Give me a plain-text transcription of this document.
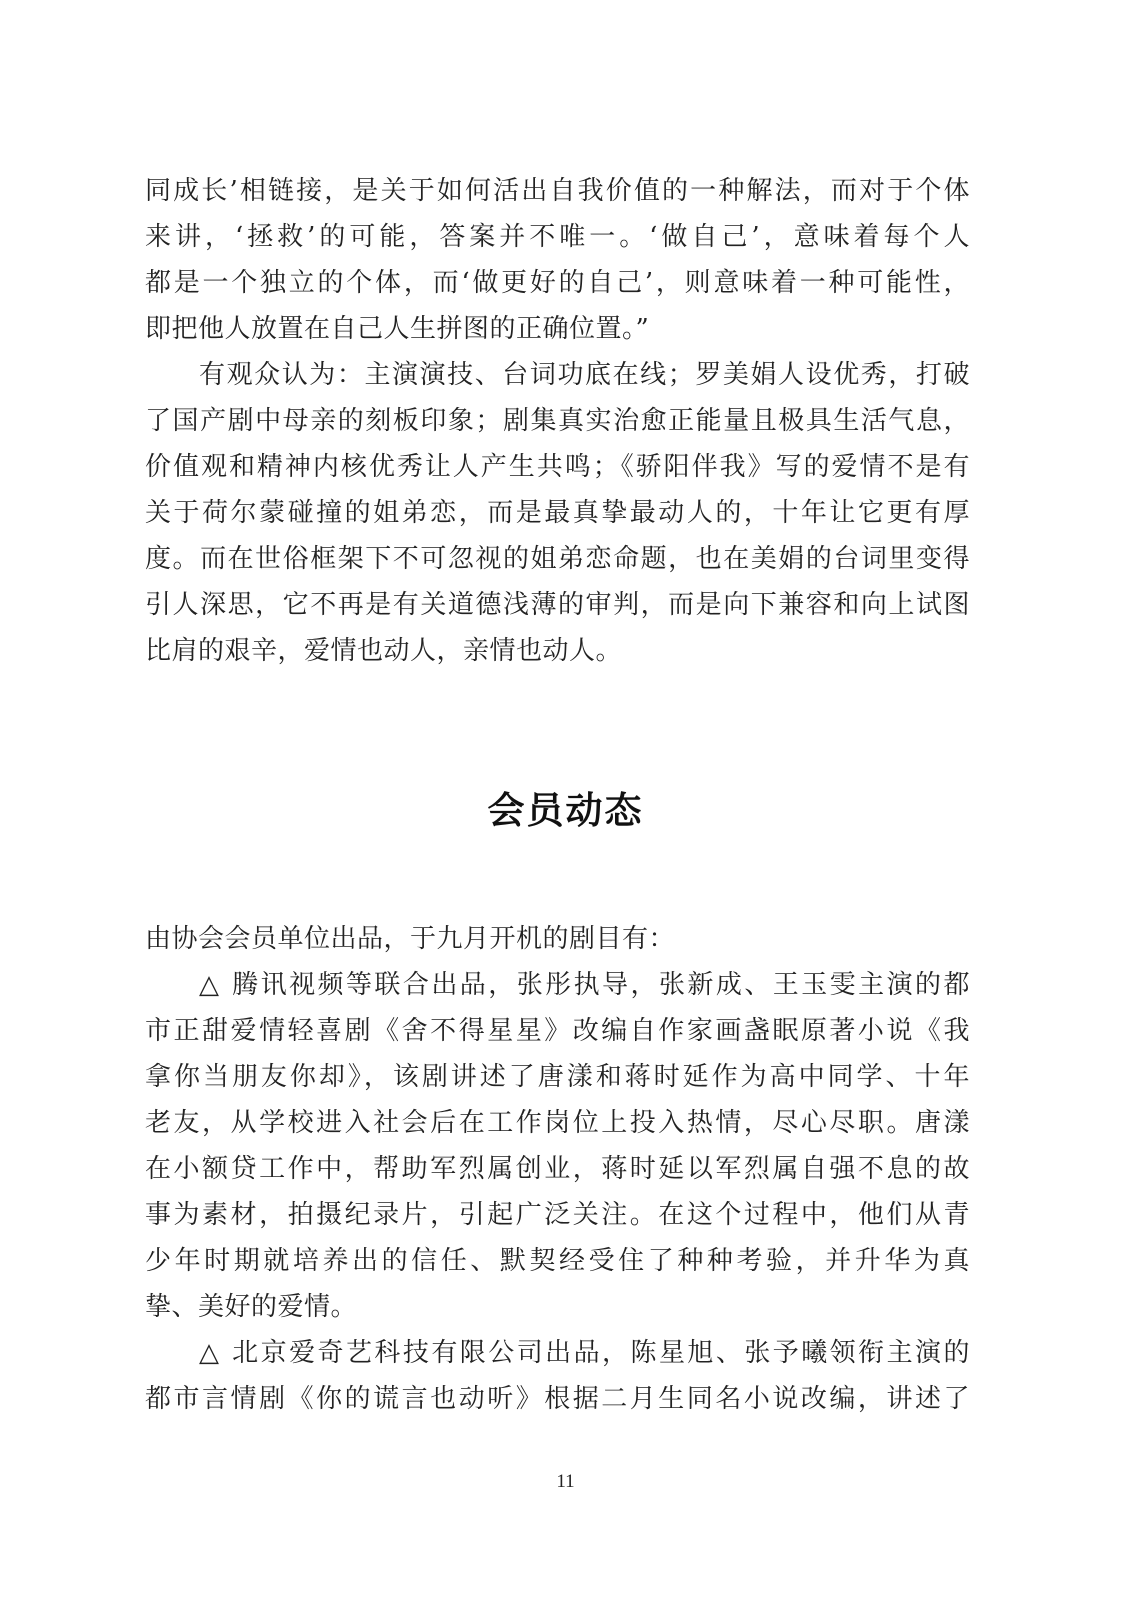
同成长’相链接，是关于如何活出自我价值的一种解法，而对于个体
来讲，‘拯救’的可能，答案并不唯一。‘做自己’，意味着每个人
都是一个独立的个体，而‘做更好的自己’，则意味着一种可能性，
即把他人放置在自己人生拼图的正确位置。”
有观众认为：主演演技、台词功底在线；罗美娟人设优秀，打破
了国产剧中母亲的刻板印象；剧集真实治愈正能量且极具生活气息，
价值观和精神内核优秀让人产生共鸣；《骄阳伴我》写的爱情不是有
关于荷尔蒙碰撞的姐弟恋，而是最真挚最动人的，十年让它更有厚
度。而在世俗框架下不可忽视的姐弟恋命题，也在美娟的台词里变得
引人深思，它不再是有关道德浅薄的审判，而是向下兼容和向上试图
比肩的艰辛，爱情也动人，亲情也动人。
会员动态
由协会会员单位出品，于九月开机的剧目有：
△ 腾讯视频等联合出品，张彤执导，张新成、王玉雯主演的都
市正甜爱情轻喜剧《舍不得星星》改编自作家画盏眠原著小说《我
拿你当朋友你却》，该剧讲述了唐漾和蒋时延作为高中同学、十年
老友，从学校进入社会后在工作岗位上投入热情，尽心尽职。唐漾
在小额贷工作中，帮助军烈属创业，蒋时延以军烈属自强不息的故
事为素材，拍摄纪录片，引起广泛关注。在这个过程中，他们从青
少年时期就培养出的信任、默契经受住了种种考验，并升华为真
挚、美好的爱情。
△ 北京爱奇艺科技有限公司出品，陈星旭、张予曦领衔主演的
都市言情剧《你的谎言也动听》根据二月生同名小说改编，讲述了
11
